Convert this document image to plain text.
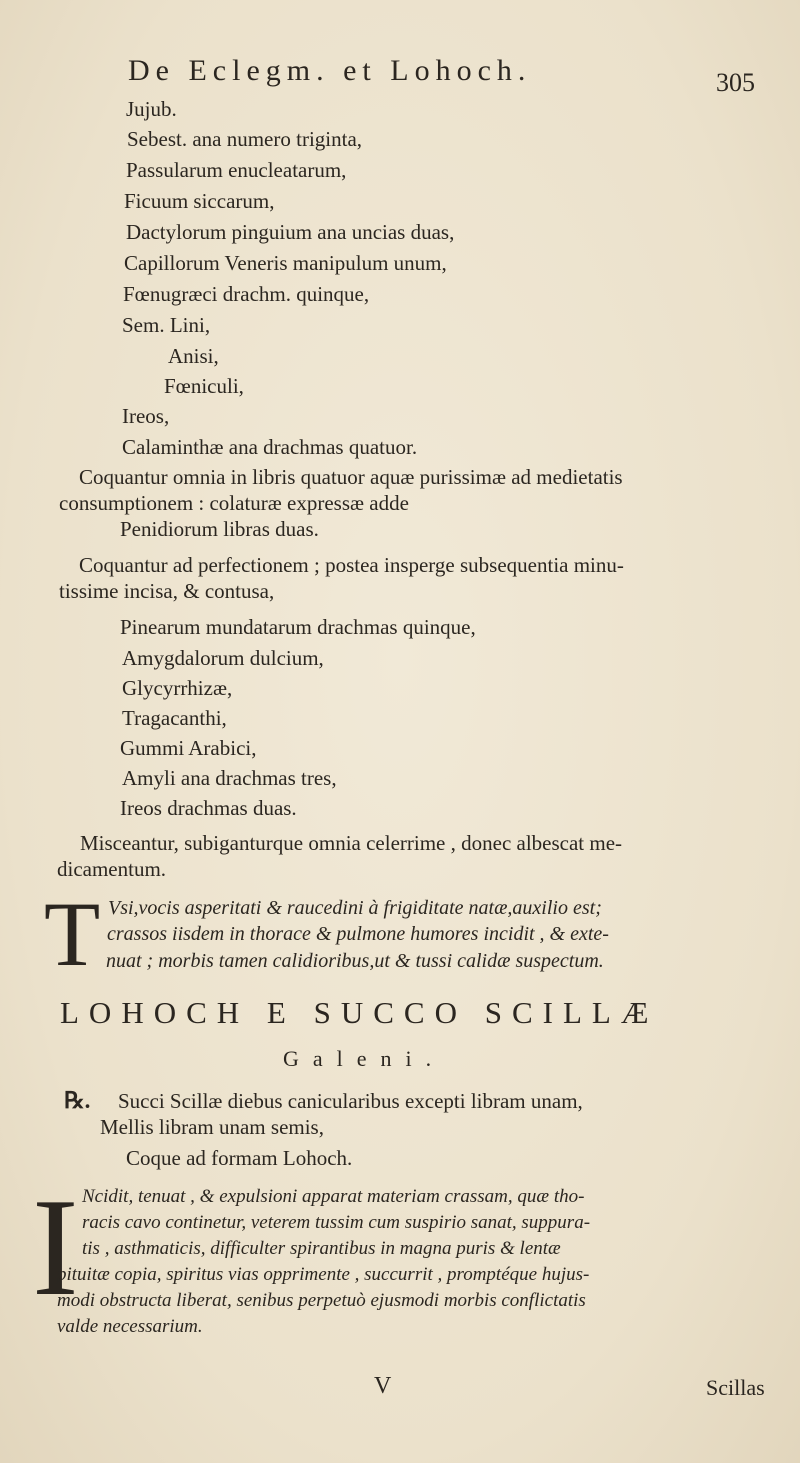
De Eclegm. et Lohoch.	305
Jujub.
Sebest. ana numero triginta,
Passularum enucleatarum,
Ficuum siccarum,
Dactylorum pinguium ana uncias duas,
Capillorum Veneris manipulum unum,
Fœnugræci drachm. quinque,
Sem. Lini,
Anisi,
Fœniculi,
Ireos,
Calaminthæ ana drachmas quatuor.
Coquantur omnia in libris quatuor aquæ purissimæ ad medietatis
consumptionem : colaturæ expressæ adde
Penidiorum libras duas.
Coquantur ad perfectionem ; postea insperge subsequentia minu-
tissime incisa, & contusa,
Pinearum mundatarum drachmas quinque,
Amygdalorum dulcium,
Glycyrrhizæ,
Tragacanthi,
Gummi Arabici,
Amyli ana drachmas tres,
Ireos drachmas duas.
Misceantur, subiganturque omnia celerrime , donec albescat me-
dicamentum.
T Vsi,vocis asperitati & raucedini à frigiditate natæ,auxilio est;
crassos iisdem in thorace & pulmone humores incidit , & exte-
nuat ; morbis tamen calidioribus,ut & tussi calidæ suspectum.
LOHOCH E SUCCO SCILLÆ
Galeni.
℞. Succi Scillæ diebus canicularibus excepti libram unam,
Mellis libram unam semis,
Coque ad formam Lohoch.
I Ncidit, tenuat , & expulsioni apparat materiam crassam, quæ tho-
racis cavo continetur, veterem tussim cum suspirio sanat, suppura-
tis , asthmaticis, difficulter spirantibus in magna puris & lentæ
pituitæ copia, spiritus vias opprimente , succurrit , promptéque hujus-
modi obstructa liberat, senibus perpetuò ejusmodi morbis conflictatis
valde necessarium.
V	Scillas
